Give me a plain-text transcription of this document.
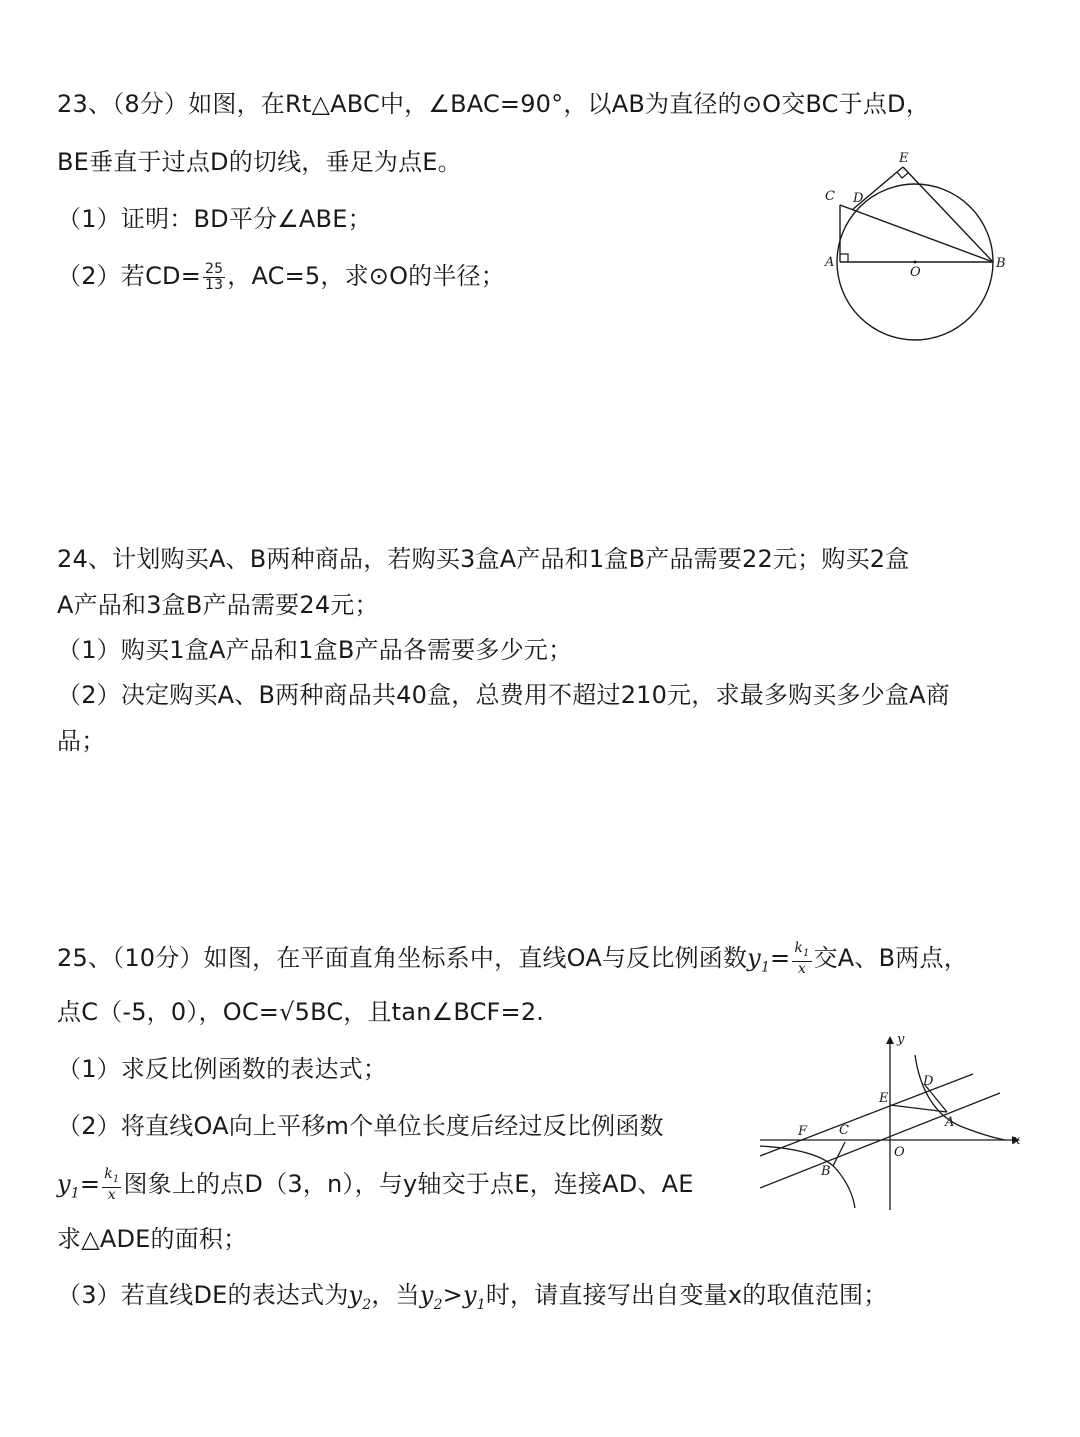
23、（8分）如图，在Rt△ABC中，∠BAC=90°，以AB为直径的⊙O交BC于点D，
BE垂直于过点D的切线，垂足为点E。
（1）证明：BD平分∠ABE；
（2）若$CD= \frac{25}{13}$ ，AC=5，求⊙O的半径；
E
C D
A
O
B
24、计划购买A、B两种商品，若购买3盒A产品和1盒B产品需要22元；购买2盒
A产品和3盒B产品需要24元；
（1）购买1盒A产品和1盒B产品各需要多少元；
（2）决定购买A、B两种商品共40盒，总费用不超过210元，求最多购买多少盒A商
品；
25、（10分）如图，在平面直角坐标系中，直线OA与反比例函数$y_1= \frac{k_1}{x}$ 交A、B两点，
点C（-5，0），OC=√5BC，且tan∠BCF=2.
（1）求反比例函数的表达式；
（2）将直线OA向上平移m个单位长度后经过反比例函数
$y_1= \frac{k_1}{x}$ 图象上的点D（3，n），与y轴交于点E，连接AD、AE
求△ADE的面积；
（3）若直线DE的表达式为$y_2$，当$y_2>y_1$时，请直接写出自变量x的取值范围；
y
x
D
E
A
F C
O
B
